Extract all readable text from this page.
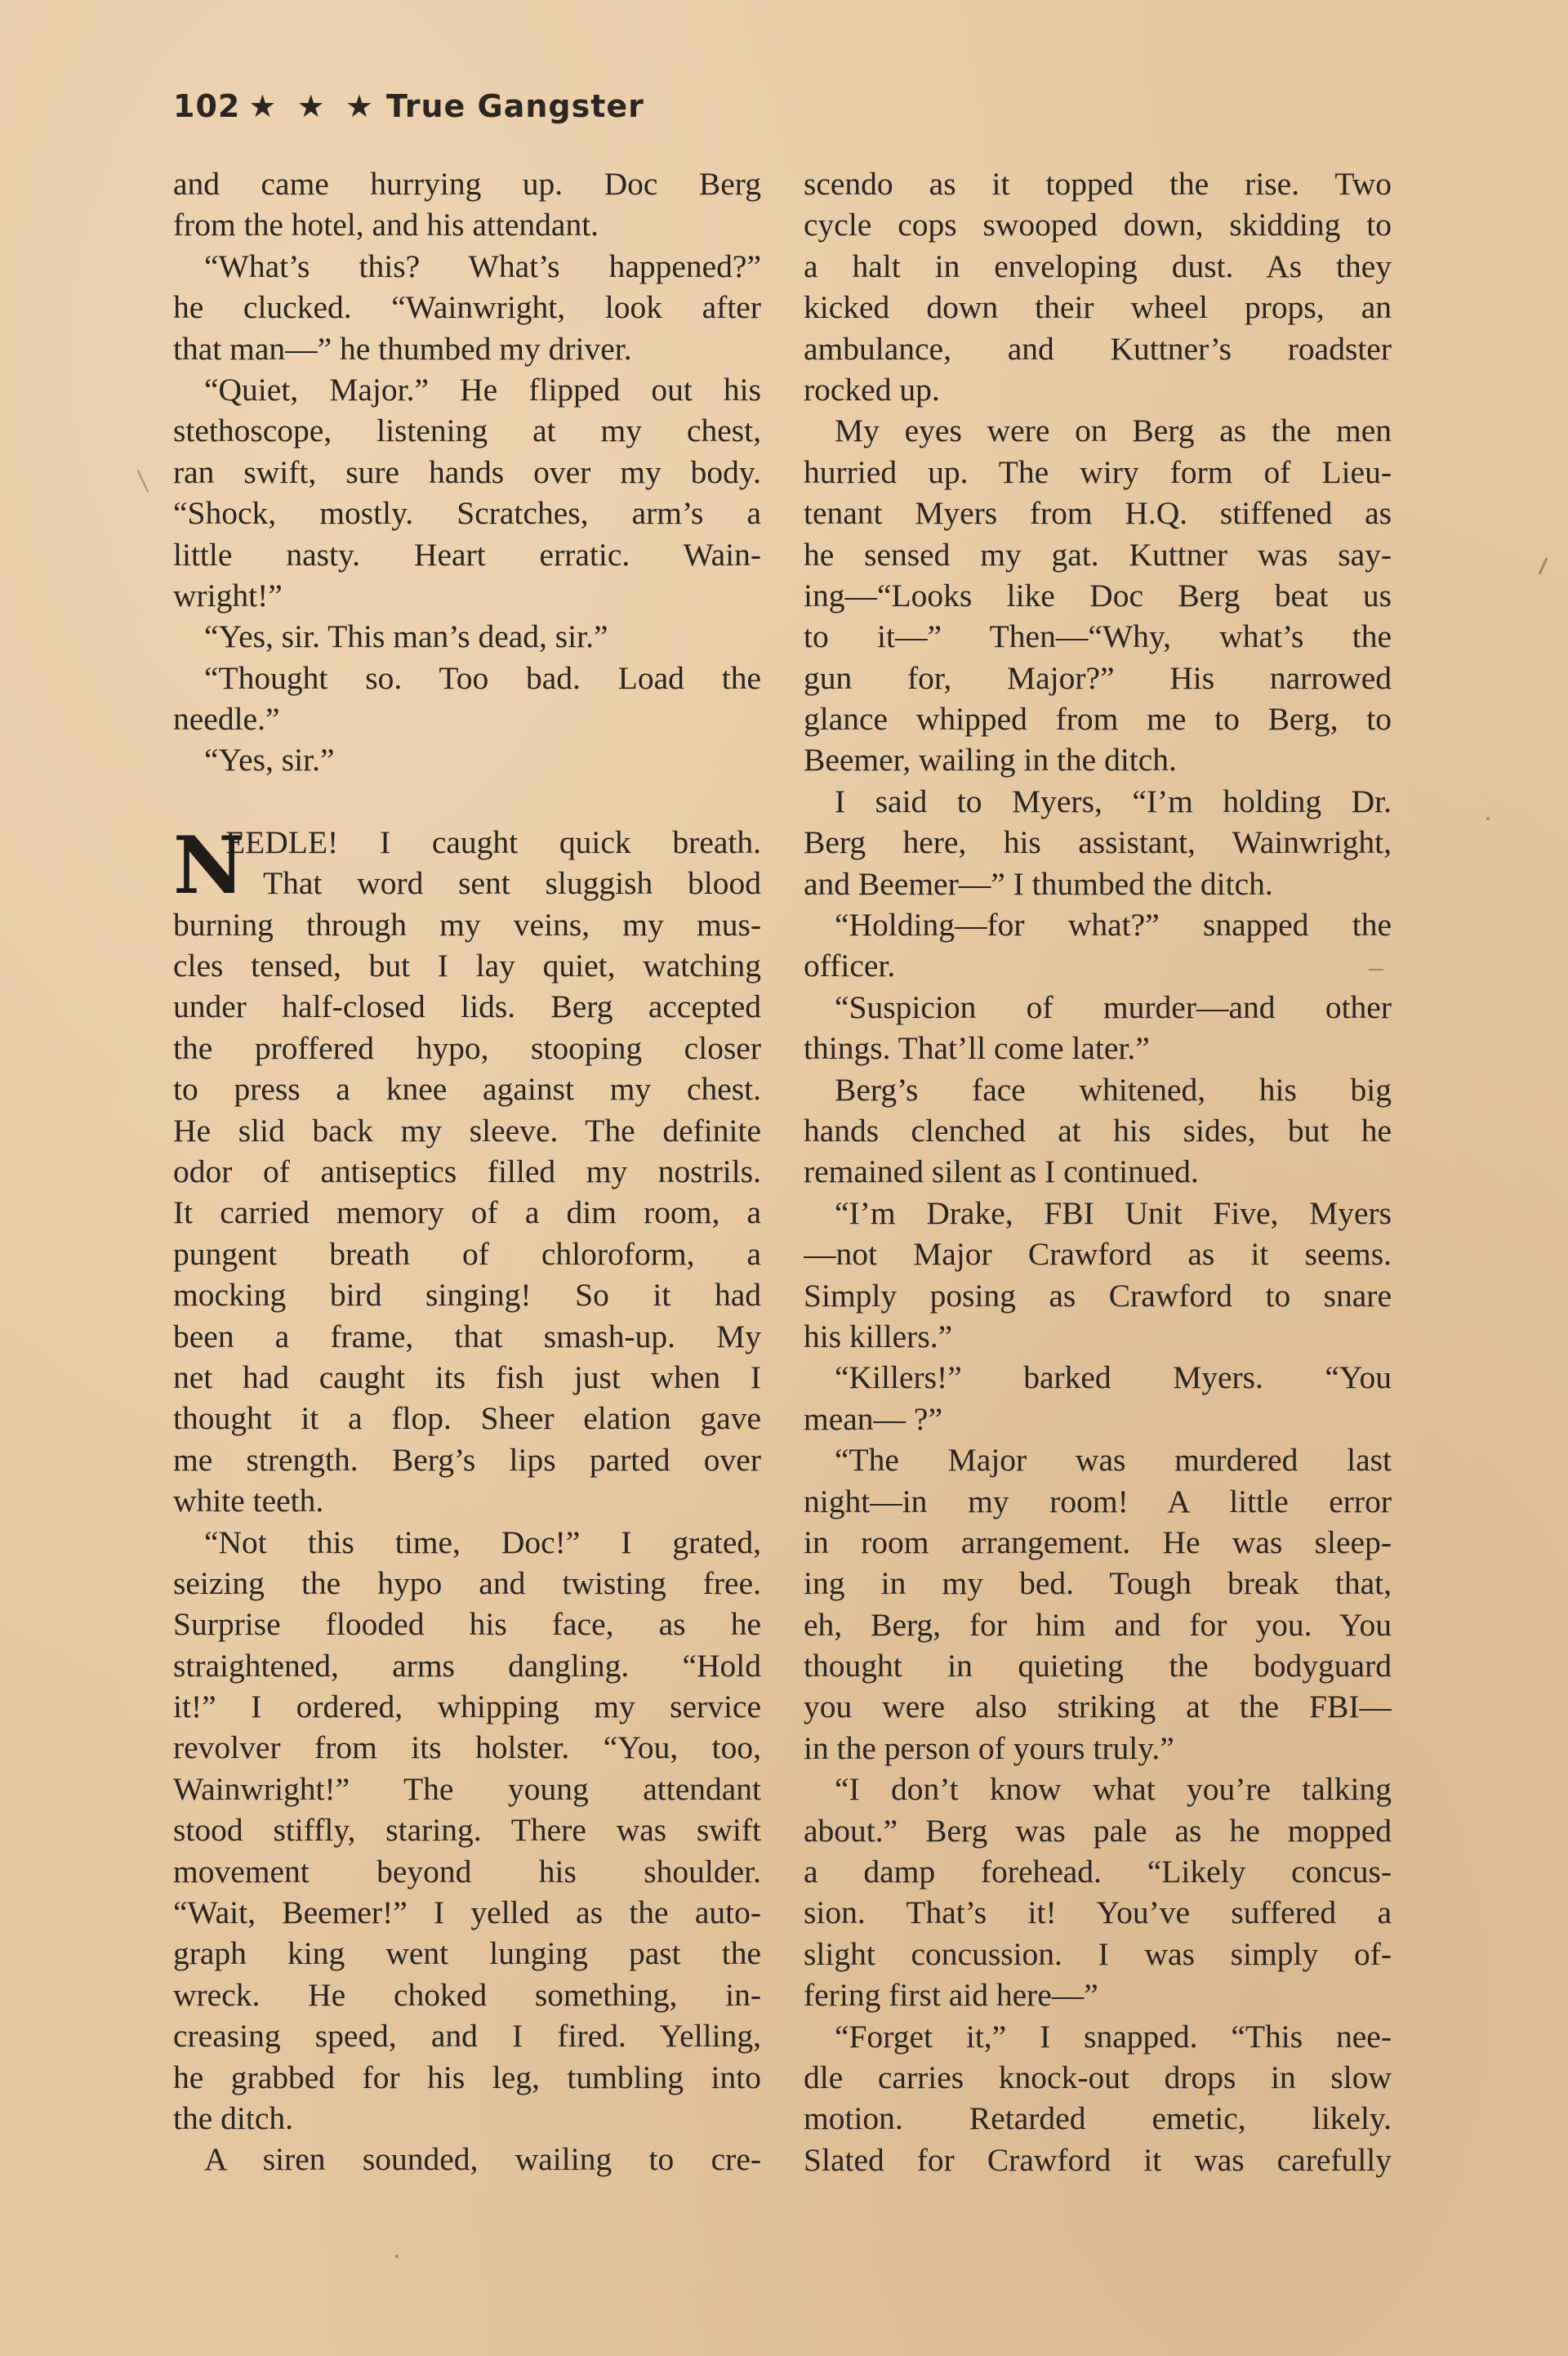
102 ★ ★ ★ True Gangster
and came hurrying up. Doc Berg
from the hotel, and his attendant.
“What’s this? What’s happened?”
he clucked. “Wainwright, look after
that man—” he thumbed my driver.
“Quiet, Major.” He flipped out his
stethoscope, listening at my chest,
ran swift, sure hands over my body.
“Shock, mostly. Scratches, arm’s a
little nasty. Heart erratic. Wain-
wright!”
“Yes, sir. This man’s dead, sir.”
“Thought so. Too bad. Load the
needle.”
“Yes, sir.”
N
EEDLE! I caught quick breath.
That word sent sluggish blood
burning through my veins, my mus-
cles tensed, but I lay quiet, watching
under half-closed lids. Berg accepted
the proffered hypo, stooping closer
to press a knee against my chest.
He slid back my sleeve. The definite
odor of antiseptics filled my nostrils.
It carried memory of a dim room, a
pungent breath of chloroform, a
mocking bird singing! So it had
been a frame, that smash-up. My
net had caught its fish just when I
thought it a flop. Sheer elation gave
me strength. Berg’s lips parted over
white teeth.
“Not this time, Doc!” I grated,
seizing the hypo and twisting free.
Surprise flooded his face, as he
straightened, arms dangling. “Hold
it!” I ordered, whipping my service
revolver from its holster. “You, too,
Wainwright!” The young attendant
stood stiffly, staring. There was swift
movement beyond his shoulder.
“Wait, Beemer!” I yelled as the auto-
graph king went lunging past the
wreck. He choked something, in-
creasing speed, and I fired. Yelling,
he grabbed for his leg, tumbling into
the ditch.
A siren sounded, wailing to cre-
scendo as it topped the rise. Two
cycle cops swooped down, skidding to
a halt in enveloping dust. As they
kicked down their wheel props, an
ambulance, and Kuttner’s roadster
rocked up.
My eyes were on Berg as the men
hurried up. The wiry form of Lieu-
tenant Myers from H.Q. stiffened as
he sensed my gat. Kuttner was say-
ing—“Looks like Doc Berg beat us
to it—” Then—“Why, what’s the
gun for, Major?” His narrowed
glance whipped from me to Berg, to
Beemer, wailing in the ditch.
I said to Myers, “I’m holding Dr.
Berg here, his assistant, Wainwright,
and Beemer—” I thumbed the ditch.
“Holding—for what?” snapped the
officer.
“Suspicion of murder—and other
things. That’ll come later.”
Berg’s face whitened, his big
hands clenched at his sides, but he
remained silent as I continued.
“I’m Drake, FBI Unit Five, Myers
—not Major Crawford as it seems.
Simply posing as Crawford to snare
his killers.”
“Killers!” barked Myers. “You
mean— ?”
“The Major was murdered last
night—in my room! A little error
in room arrangement. He was sleep-
ing in my bed. Tough break that,
eh, Berg, for him and for you. You
thought in quieting the bodyguard
you were also striking at the FBI—
in the person of yours truly.”
“I don’t know what you’re talking
about.” Berg was pale as he mopped
a damp forehead. “Likely concus-
sion. That’s it! You’ve suffered a
slight concussion. I was simply of-
fering first aid here—”
“Forget it,” I snapped. “This nee-
dle carries knock-out drops in slow
motion. Retarded emetic, likely.
Slated for Crawford it was carefully
